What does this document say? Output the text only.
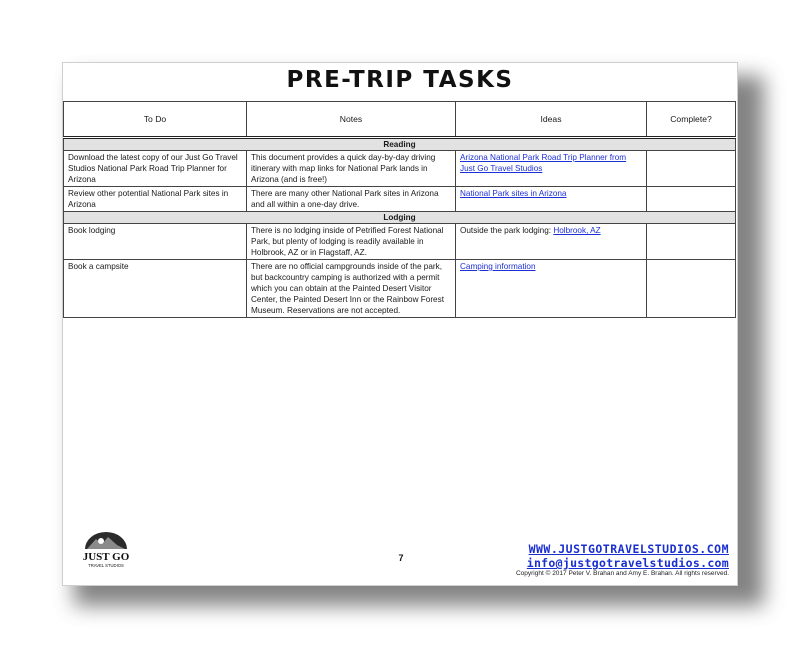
PRE-TRIP TASKS
To Do	Notes	Ideas	Complete?
Reading			
Download the latest copy of our Just Go Travel Studios National Park Road Trip Planner for Arizona	This document provides a quick day-by-day driving itinerary with map links for National Park lands in Arizona (and is free!)	Arizona National Park Road Trip Planner from Just Go Travel Studios	
Review other potential National Park sites in Arizona	There are many other National Park sites in Arizona and all within a one-day drive.	National Park sites in Arizona	
Lodging			
Book lodging	There is no lodging inside of Petrified Forest National Park, but plenty of lodging is readily available in Holbrook, AZ or in Flagstaff, AZ.	Outside the park lodging: Holbrook, AZ	
Book a campsite	There are no official campgrounds inside of the park, but backcountry camping is authorized with a permit which you can obtain at the Painted Desert Visitor Center, the Painted Desert Inn or the Rainbow Forest Museum. Reservations are not accepted.	Camping information	
JUST GO
TRAVEL STUDIOS
7
WWW.JUSTGOTRAVELSTUDIOS.COM
info@justgotravelstudios.com
Copyright © 2017 Peter V. Brahan and Amy E. Brahan. All rights reserved.
